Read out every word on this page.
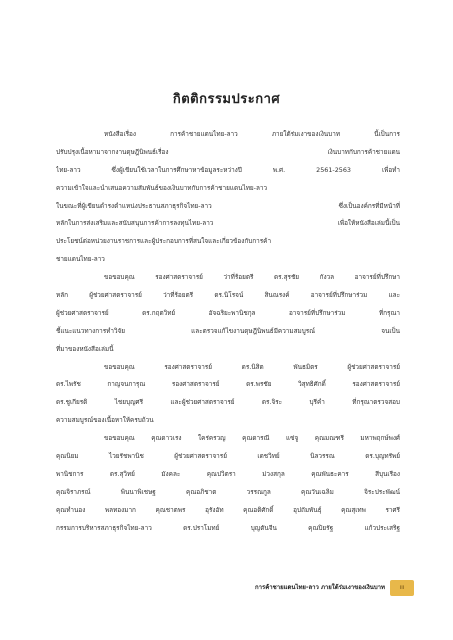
กิตติกรรมประกาศ
หนังสือเรื่อง การค้าชายแดนไทย-ลาว ภายใต้ร่มเงาของเงินบาท นี้เป็นการ
ปรับปรุงเนื้อหามาจากงานดุษฎีนิพนธ์เรื่อง เงินบาทกับการค้าชายแดน
ไทย-ลาว ซึ่งผู้เขียนใช้เวลาในการศึกษาหาข้อมูลระหว่างปี พ.ศ. 2561-2563 เพื่อทำ
ความเข้าใจและนำเสนอความสัมพันธ์ของเงินบาทกับการค้าชายแดนไทย-ลาว
ในขณะที่ผู้เขียนดำรงตำแหน่งประธานสภาธุรกิจไทย-ลาว ซึ่งเป็นองค์กรที่มีหน้าที่
หลักในการส่งเสริมและสนับสนุนการค้าการลงทุนไทย-ลาว เพื่อให้หนังสือเล่มนี้เป็น
ประโยชน์ต่อหน่วยงานราชการและผู้ประกอบการที่สนใจและเกี่ยวข้องกับการค้า
ชายแดนไทย-ลาว
ขอขอบคุณ รองศาสตราจารย์ ว่าที่ร้อยตรี ดร.สุรชัย กังวล อาจารย์ที่ปรึกษา
หลัก ผู้ช่วยศาสตราจารย์ ว่าที่ร้อยตรี ดร.นิโรจน์ สินณรงค์ อาจารย์ที่ปรึกษาร่วม และ
ผู้ช่วยศาสตราจารย์ ดร.กฤตวิทย์ อัจฉริยะพานิชกุล อาจารย์ที่ปรึกษาร่วม ที่กรุณา
ชี้แนะแนวทางการทำวิจัย และตรวจแก้ไขงานดุษฎีนิพนธ์มีความสมบูรณ์ จนเป็น
ที่มาของหนังสือเล่มนี้
ขอขอบคุณ รองศาสตราจารย์ ดร.นิสิต พันธมิตร ผู้ช่วยศาสตราจารย์
ดร.ไพรัช กาญจนการุณ รองศาสตราจารย์ ดร.พรชัย วิสุทธิศักดิ์ รองศาสตราจารย์
ดร.ชูเกียรติ ไชยบุญศรี และผู้ช่วยศาสตราจารย์ ดร.จิระ บุรีคำ ที่กรุณาตรวจสอบ
ความสมบูรณ์ของเนื้อหาให้ครบถ้วน
ขอขอบคุณ คุณดาวเรง ใคร่ครวญ คุณดารณี แซ่จู คุณมณฑรี มหาพฤกษ์พงศ์
คุณนิยม ไวยรัชพานิช ผู้ช่วยศาสตราจารย์ เดชวิทย์ นิลวรรณ ดร.บุญทรัพย์
พานิชการ ดร.สุวิทย์ มังคละ คุณปวิตรา ม่วงสกุล คุณพันธะคาร สีบุนเรือง
คุณจิราภรณ์ พินนาพิเชษฐ คุณอภิชาต วรรณกูล คุณวันเฉลิม จิระประพัฒน์
คุณทำนอง พลทองมาก คุณชาตพร อุรังอัท คุณอติศักดิ์ อุปถัมพันธุ์ คุณสุเทพ ราศรี
กรรมการบริหารสภาธุรกิจไทย-ลาว ดร.ปราโมทย์ บุญตันจีน คุณปิยรัฐ แก้วประเสริฐ
การค้าชายแดนไทย-ลาว ภายใต้ร่มเงาของเงินบาท	iii
